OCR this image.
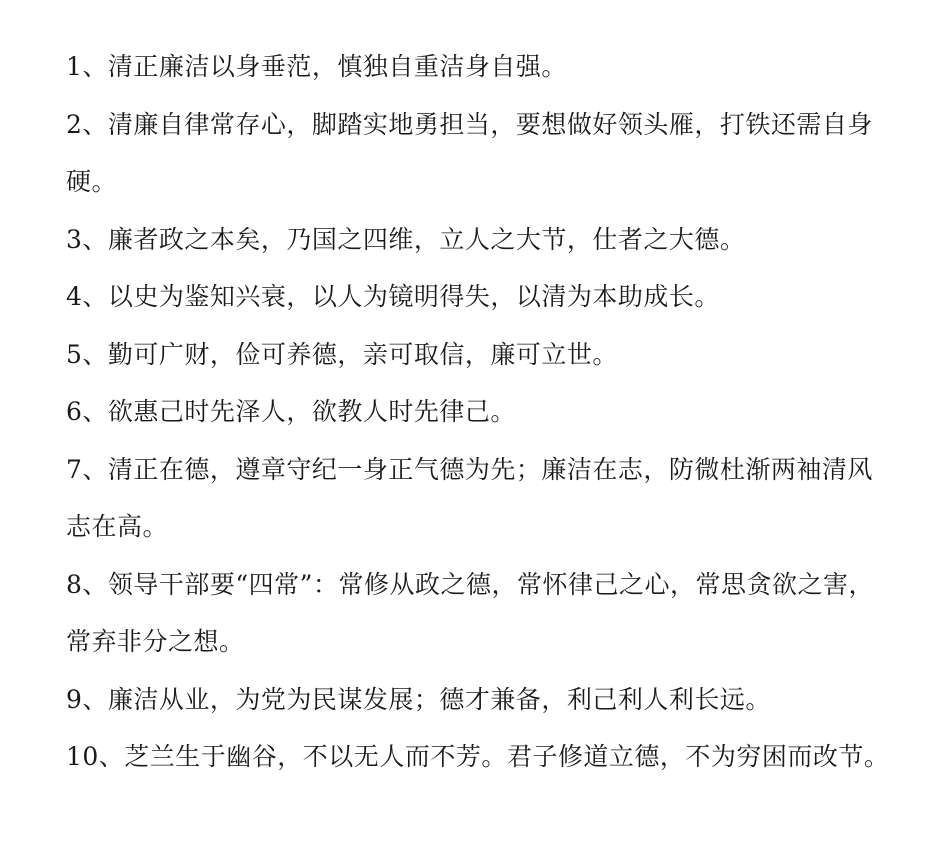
1、清正廉洁以身垂范，慎独自重洁身自强。
2、清廉自律常存心，脚踏实地勇担当，要想做好领头雁，打铁还需自身硬。
3、廉者政之本矣，乃国之四维，立人之大节，仕者之大德。
4、以史为鉴知兴衰，以人为镜明得失，以清为本助成长。
5、勤可广财，俭可养德，亲可取信，廉可立世。
6、欲惠己时先泽人，欲教人时先律己。
7、清正在德，遵章守纪一身正气德为先；廉洁在志，防微杜渐两袖清风志在高。
8、领导干部要“四常”：常修从政之德，常怀律己之心，常思贪欲之害，常弃非分之想。
9、廉洁从业，为党为民谋发展；德才兼备，利己利人利长远。
10、芝兰生于幽谷，不以无人而不芳。君子修道立德，不为穷困而改节。
